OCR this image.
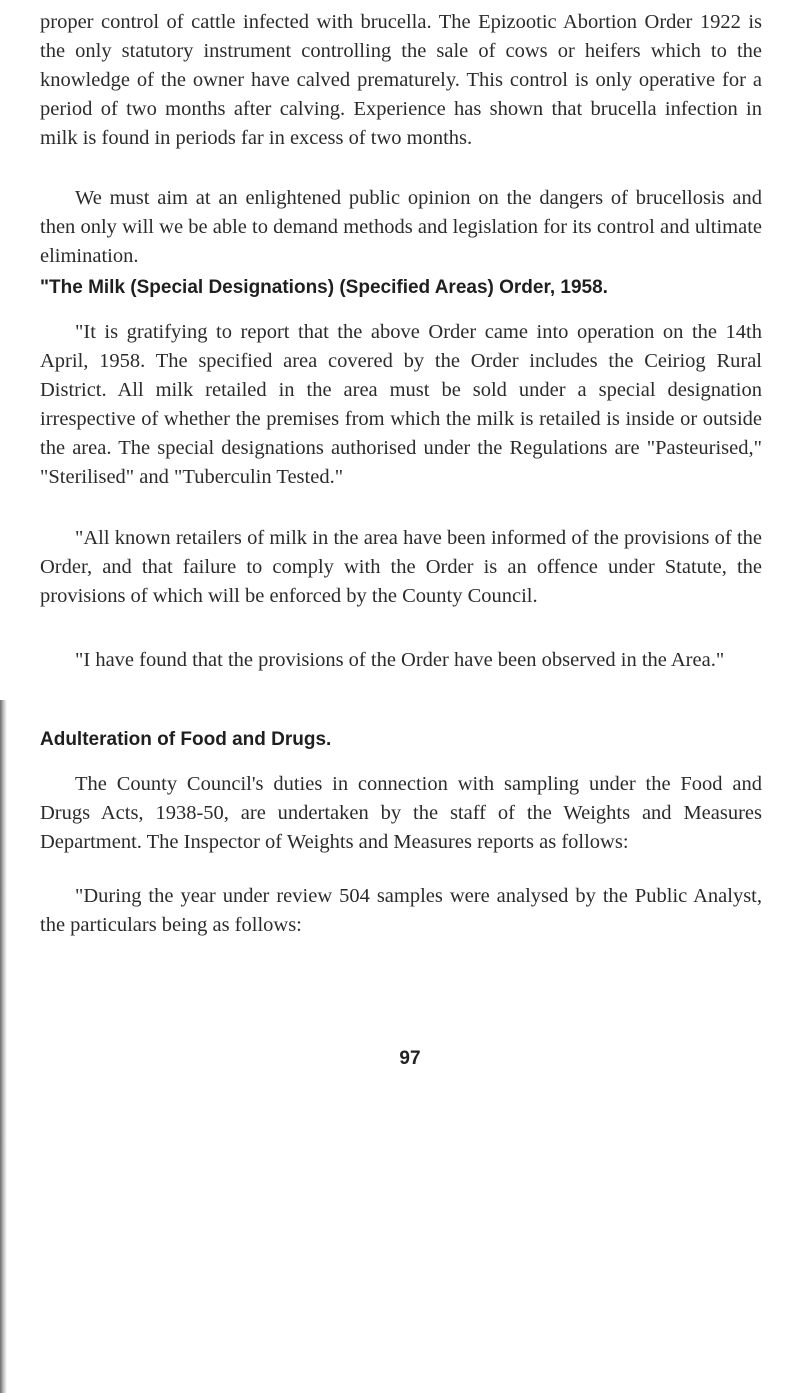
proper control of cattle infected with brucella. The Epizootic Abortion Order 1922 is the only statutory instrument controlling the sale of cows or heifers which to the knowledge of the owner have calved prematurely. This control is only operative for a period of two months after calving. Experience has shown that brucella infection in milk is found in periods far in excess of two months.

We must aim at an enlightened public opinion on the dangers of brucellosis and then only will we be able to demand methods and legislation for its control and ultimate elimination.

"The Milk (Special Designations) (Specified Areas) Order, 1958.

"It is gratifying to report that the above Order came into operation on the 14th April, 1958. The specified area covered by the Order includes the Ceiriog Rural District. All milk retailed in the area must be sold under a special designation irrespective of whether the premises from which the milk is retailed is inside or outside the area. The special designations authorised under the Regulations are "Pasteurised," "Sterilised" and "Tuberculin Tested."

"All known retailers of milk in the area have been informed of the provisions of the Order, and that failure to comply with the Order is an offence under Statute, the provisions of which will be enforced by the County Council.

"I have found that the provisions of the Order have been observed in the Area."

Adulteration of Food and Drugs.

The County Council's duties in connection with sampling under the Food and Drugs Acts, 1938-50, are undertaken by the staff of the Weights and Measures Department. The Inspector of Weights and Measures reports as follows:

"During the year under review 504 samples were analysed by the Public Analyst, the particulars being as follows:

97
